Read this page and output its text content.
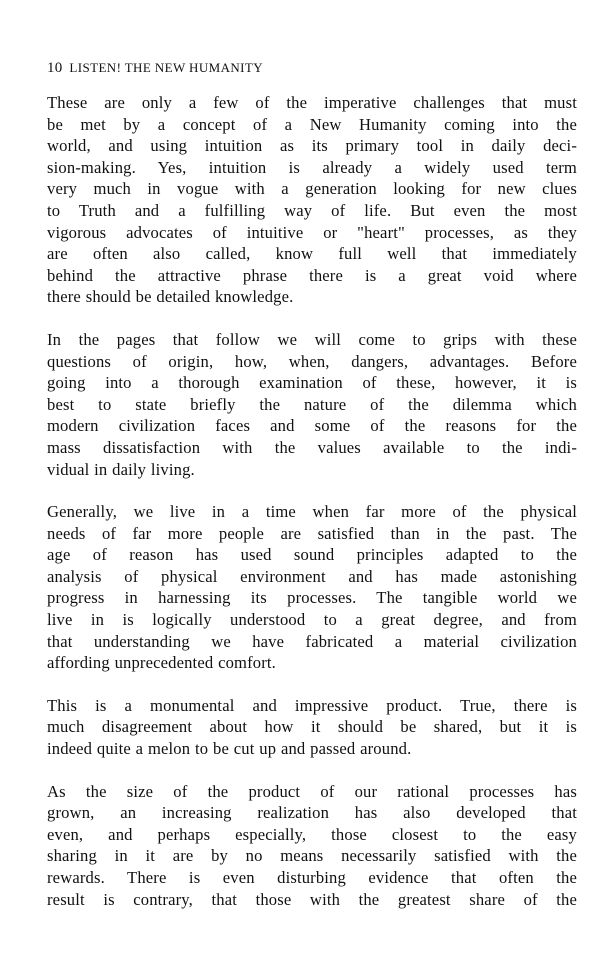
10 LISTEN! THE NEW HUMANITY

These are only a few of the imperative challenges that must
be met by a concept of a New Humanity coming into the
world, and using intuition as its primary tool in daily deci-
sion-making. Yes, intuition is already a widely used term
very much in vogue with a generation looking for new clues
to Truth and a fulfilling way of life. But even the most
vigorous advocates of intuitive or "heart" processes, as they
are often also called, know full well that immediately
behind the attractive phrase there is a great void where
there should be detailed knowledge.

In the pages that follow we will come to grips with these
questions of origin, how, when, dangers, advantages. Before
going into a thorough examination of these, however, it is
best to state briefly the nature of the dilemma which
modern civilization faces and some of the reasons for the
mass dissatisfaction with the values available to the indi-
vidual in daily living.

Generally, we live in a time when far more of the physical
needs of far more people are satisfied than in the past. The
age of reason has used sound principles adapted to the
analysis of physical environment and has made astonishing
progress in harnessing its processes. The tangible world we
live in is logically understood to a great degree, and from
that understanding we have fabricated a material civilization
affording unprecedented comfort.

This is a monumental and impressive product. True, there is
much disagreement about how it should be shared, but it is
indeed quite a melon to be cut up and passed around.

As the size of the product of our rational processes has
grown, an increasing realization has also developed that
even, and perhaps especially, those closest to the easy
sharing in it are by no means necessarily satisfied with the
rewards. There is even disturbing evidence that often the
result is contrary, that those with the greatest share of the
